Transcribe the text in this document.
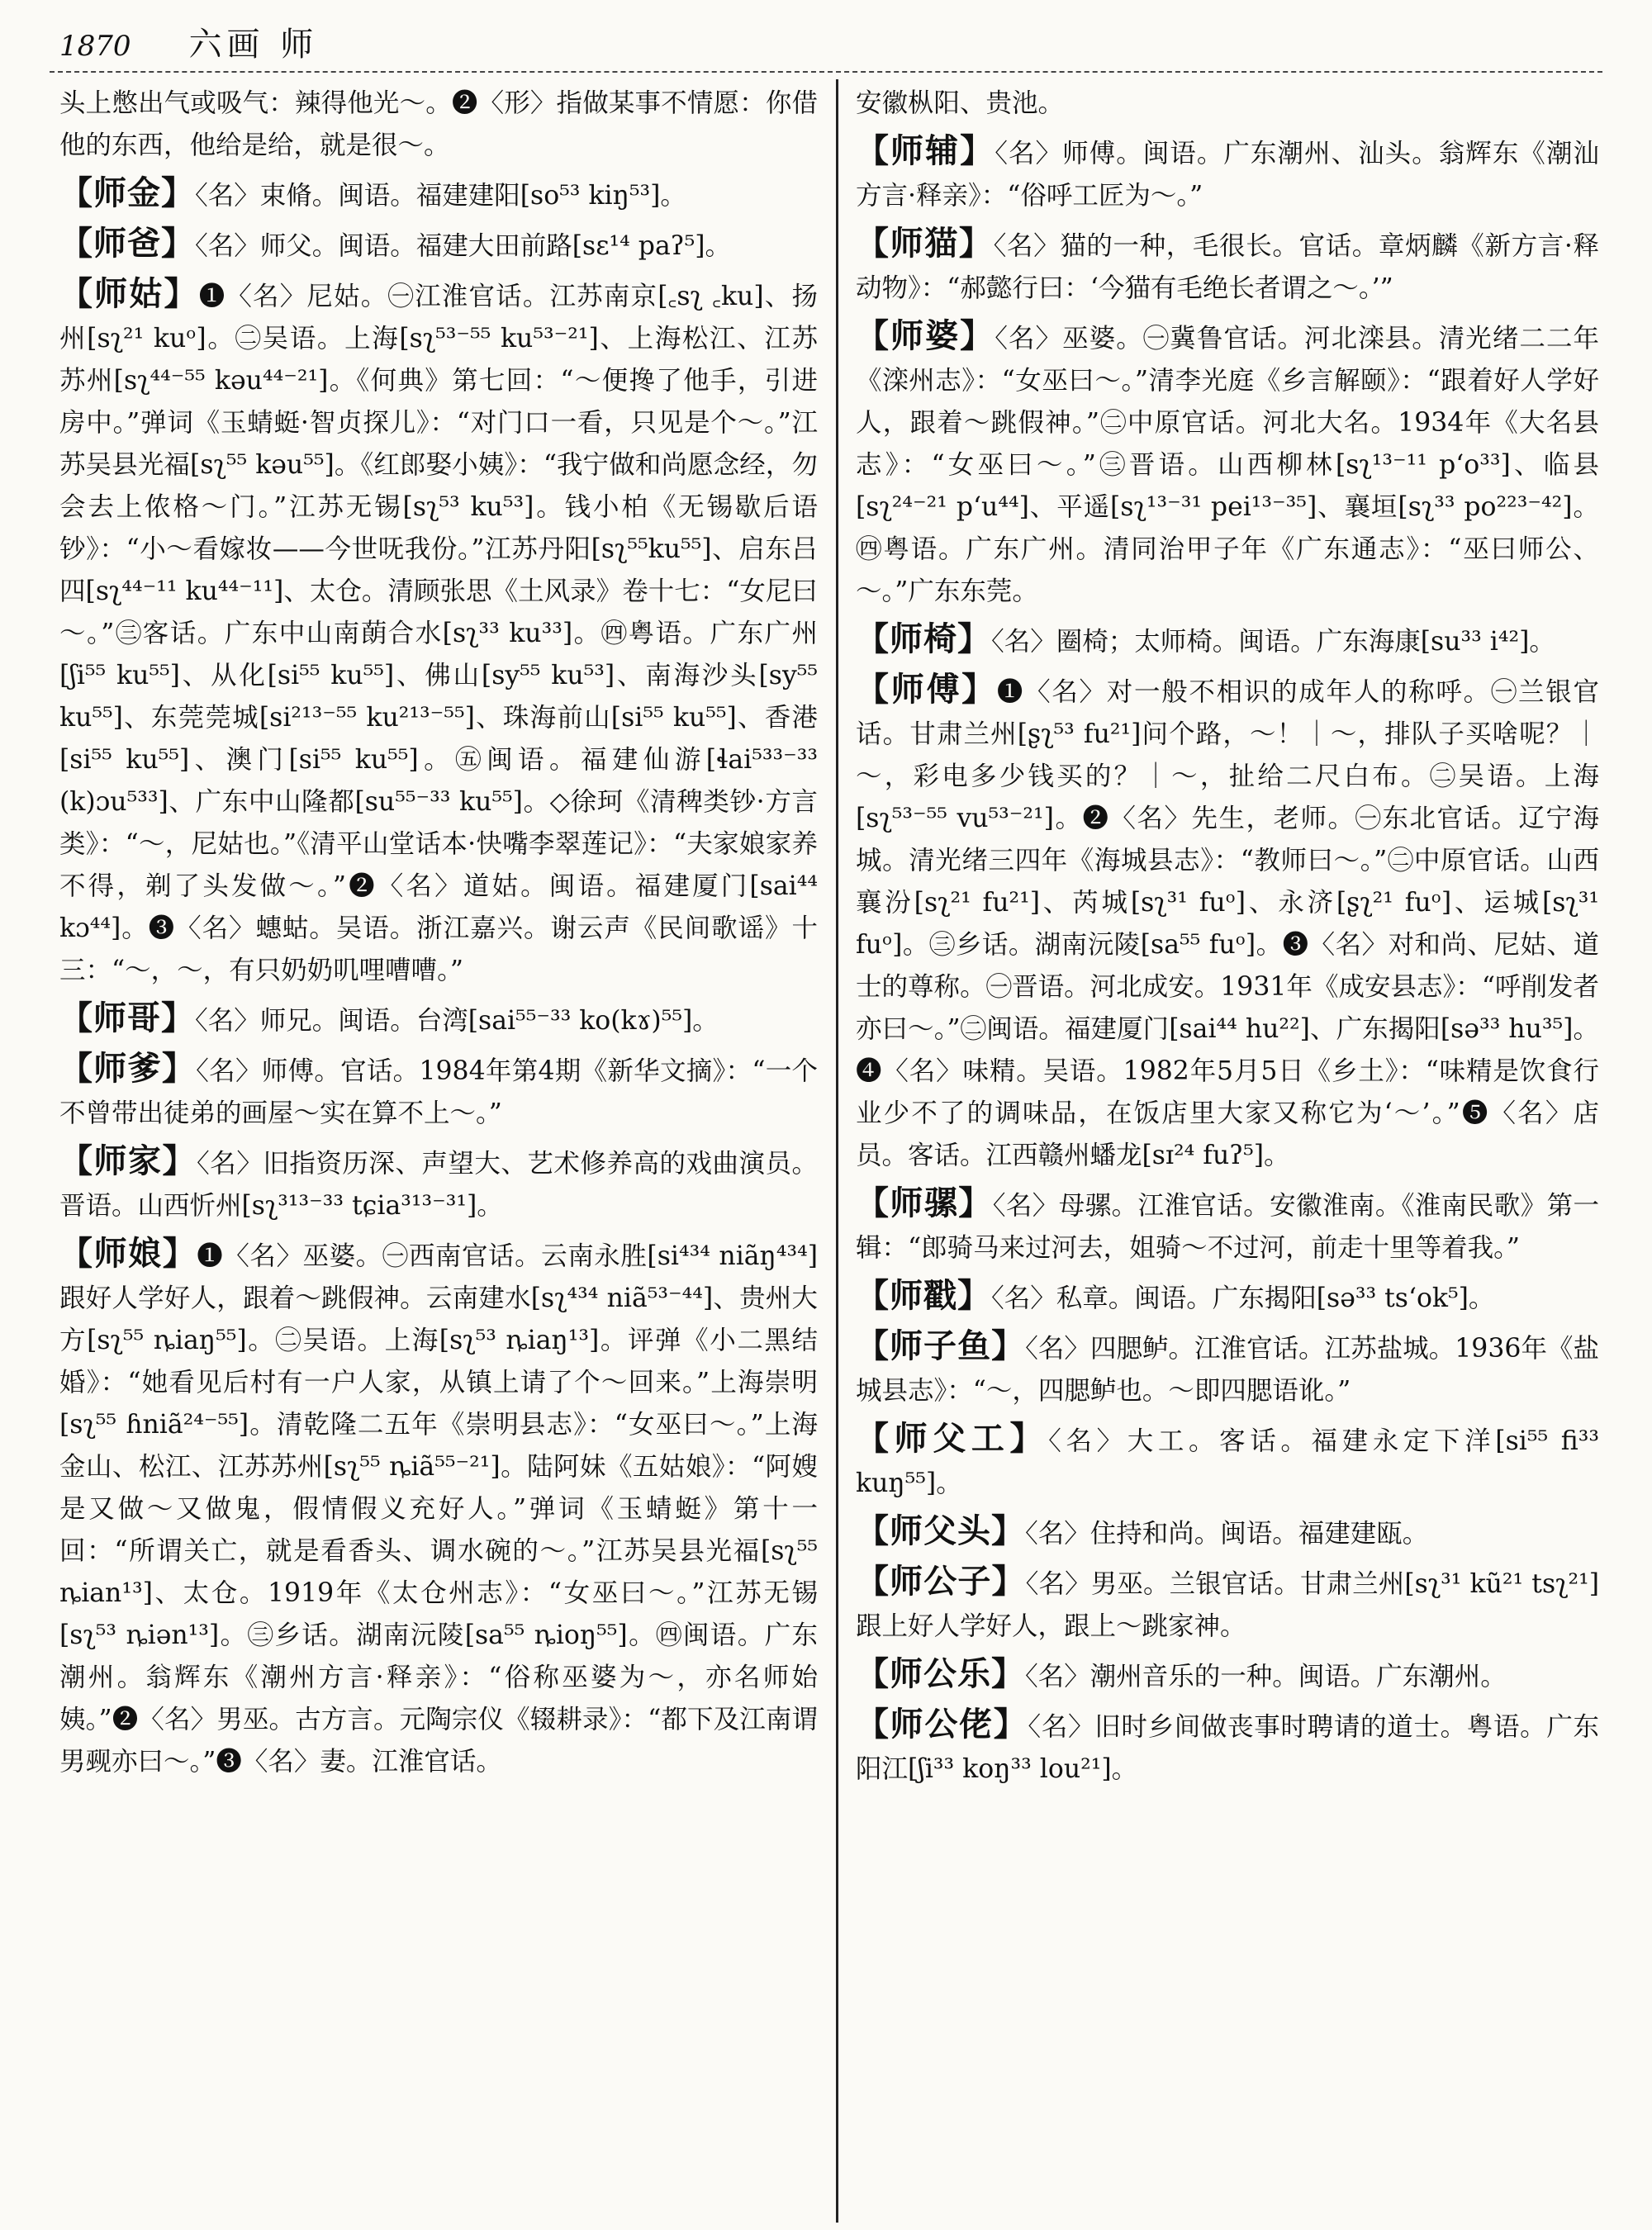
1870 六画 师
头上憋出气或吸气：辣得他光～。❷〈形〉指做某事不情愿：你借他的东西，他给是给，就是很～。
【师金】〈名〉束脩。闽语。福建建阳[so⁵³ kiŋ⁵³]。
【师爸】〈名〉师父。闽语。福建大田前路[sɛ¹⁴ paʔ⁵]。
【师姑】❶〈名〉尼姑。㊀江淮官话。江苏南京[꜀sʅ ꜀ku]、扬州[sʅ²¹ kuᵒ]。㊁吴语。上海[sʅ⁵³⁻⁵⁵ ku⁵³⁻²¹]、上海松江、江苏苏州[sʅ⁴⁴⁻⁵⁵ kəu⁴⁴⁻²¹]。《何典》第七回：“～便搀了他手，引进房中。”弹词《玉蜻蜓·智贞探儿》：“对门口一看，只见是个～。”江苏吴县光福[sʅ⁵⁵ kəu⁵⁵]。《红郎娶小姨》：“我宁做和尚愿念经，勿会去上侬格～门。”江苏无锡[sʅ⁵³ ku⁵³]。钱小柏《无锡歇后语钞》：“小～看嫁妆——今世呒我份。”江苏丹阳[sʅ⁵⁵ku⁵⁵]、启东吕四[sʅ⁴⁴⁻¹¹ ku⁴⁴⁻¹¹]、太仓。清顾张思《土风录》卷十七：“女尼曰～。”㊂客话。广东中山南蓢合水[sʅ³³ ku³³]。㊃粤语。广东广州[ʃi⁵⁵ ku⁵⁵]、从化[si⁵⁵ ku⁵⁵]、佛山[sy⁵⁵ ku⁵³]、南海沙头[sy⁵⁵ ku⁵⁵]、东莞莞城[si²¹³⁻⁵⁵ ku²¹³⁻⁵⁵]、珠海前山[si⁵⁵ ku⁵⁵]、香港[si⁵⁵ ku⁵⁵]、澳门[si⁵⁵ ku⁵⁵]。㊄闽语。福建仙游[ɬai⁵³³⁻³³ (k)ɔu⁵³³]、广东中山隆都[su⁵⁵⁻³³ ku⁵⁵]。◇徐珂《清稗类钞·方言类》：“～，尼姑也。”《清平山堂话本·快嘴李翠莲记》：“夫家娘家养不得，剃了头发做～。”❷〈名〉道姑。闽语。福建厦门[sai⁴⁴ kɔ⁴⁴]。❸〈名〉蟪蛄。吴语。浙江嘉兴。谢云声《民间歌谣》十三：“～，～，有只奶奶叽哩嘈嘈。”
【师哥】〈名〉师兄。闽语。台湾[sai⁵⁵⁻³³ ko(kɤ)⁵⁵]。
【师爹】〈名〉师傅。官话。1984年第4期《新华文摘》：“一个不曾带出徒弟的画屋～实在算不上～。”
【师家】〈名〉旧指资历深、声望大、艺术修养高的戏曲演员。晋语。山西忻州[sʅ³¹³⁻³³ tɕia³¹³⁻³¹]。
【师娘】❶〈名〉巫婆。㊀西南官话。云南永胜[si⁴³⁴ niãŋ⁴³⁴]跟好人学好人，跟着～跳假神。云南建水[sʅ⁴³⁴ niã⁵³⁻⁴⁴]、贵州大方[sʅ⁵⁵ ȵiaŋ⁵⁵]。㊁吴语。上海[sʅ⁵³ ȵiaŋ¹³]。评弹《小二黑结婚》：“她看见后村有一户人家，从镇上请了个～回来。”上海崇明[sʅ⁵⁵ ɦniã²⁴⁻⁵⁵]。清乾隆二五年《崇明县志》：“女巫曰～。”上海金山、松江、江苏苏州[sʅ⁵⁵ ȵiã⁵⁵⁻²¹]。陆阿妹《五姑娘》：“阿嫂是又做～又做鬼，假情假义充好人。”弹词《玉蜻蜓》第十一回：“所谓关亡，就是看香头、调水碗的～。”江苏吴县光福[sʅ⁵⁵ ȵian¹³]、太仓。1919年《太仓州志》：“女巫曰～。”江苏无锡[sʅ⁵³ ȵiən¹³]。㊂乡话。湖南沅陵[sa⁵⁵ ȵioŋ⁵⁵]。㊃闽语。广东潮州。翁辉东《潮州方言·释亲》：“俗称巫婆为～，亦名师始姨。”❷〈名〉男巫。古方言。元陶宗仪《辍耕录》：“都下及江南谓男觋亦曰～。”❸〈名〉妻。江淮官话。
安徽枞阳、贵池。
【师辅】〈名〉师傅。闽语。广东潮州、汕头。翁辉东《潮汕方言·释亲》：“俗呼工匠为～。”
【师猫】〈名〉猫的一种，毛很长。官话。章炳麟《新方言·释动物》：“郝懿行曰：‘今猫有毛绝长者谓之～。’”
【师婆】〈名〉巫婆。㊀冀鲁官话。河北滦县。清光绪二二年《滦州志》：“女巫曰～。”清李光庭《乡言解颐》：“跟着好人学好人，跟着～跳假神。”㊁中原官话。河北大名。1934年《大名县志》：“女巫曰～。”㊂晋语。山西柳林[sʅ¹³⁻¹¹ pʻo³³]、临县[sʅ²⁴⁻²¹ pʻu⁴⁴]、平遥[sʅ¹³⁻³¹ pei¹³⁻³⁵]、襄垣[sʅ³³ po²²³⁻⁴²]。㊃粤语。广东广州。清同治甲子年《广东通志》：“巫曰师公、～。”广东东莞。
【师椅】〈名〉圈椅；太师椅。闽语。广东海康[su³³ i⁴²]。
【师傅】❶〈名〉对一般不相识的成年人的称呼。㊀兰银官话。甘肃兰州[ʂʅ⁵³ fu²¹]问个路，～！｜～，排队子买啥呢？｜～，彩电多少钱买的？｜～，扯给二尺白布。㊁吴语。上海[sʅ⁵³⁻⁵⁵ vu⁵³⁻²¹]。❷〈名〉先生，老师。㊀东北官话。辽宁海城。清光绪三四年《海城县志》：“教师曰～。”㊁中原官话。山西襄汾[sʅ²¹ fu²¹]、芮城[sʅ³¹ fuᵒ]、永济[ʂʅ²¹ fuᵒ]、运城[sʅ³¹ fuᵒ]。㊂乡话。湖南沅陵[sa⁵⁵ fuᵒ]。❸〈名〉对和尚、尼姑、道士的尊称。㊀晋语。河北成安。1931年《成安县志》：“呼削发者亦曰～。”㊁闽语。福建厦门[sai⁴⁴ hu²²]、广东揭阳[sə³³ hu³⁵]。❹〈名〉味精。吴语。1982年5月5日《乡土》：“味精是饮食行业少不了的调味品，在饭店里大家又称它为‘～’。”❺〈名〉店员。客话。江西赣州蟠龙[sɪ²⁴ fuʔ⁵]。
【师骡】〈名〉母骡。江淮官话。安徽淮南。《淮南民歌》第一辑：“郎骑马来过河去，姐骑～不过河，前走十里等着我。”
【师戳】〈名〉私章。闽语。广东揭阳[sə³³ tsʻok⁵]。
【师子鱼】〈名〉四腮鲈。江淮官话。江苏盐城。1936年《盐城县志》：“～，四腮鲈也。～即四腮语讹。”
【师父工】〈名〉大工。客话。福建永定下洋[si⁵⁵ fi³³ kuŋ⁵⁵]。
【师父头】〈名〉住持和尚。闽语。福建建瓯。
【师公子】〈名〉男巫。兰银官话。甘肃兰州[sʅ³¹ kũ²¹ tsʅ²¹]跟上好人学好人，跟上～跳家神。
【师公乐】〈名〉潮州音乐的一种。闽语。广东潮州。
【师公佬】〈名〉旧时乡间做丧事时聘请的道士。粤语。广东阳江[ʃi³³ koŋ³³ lou²¹]。
